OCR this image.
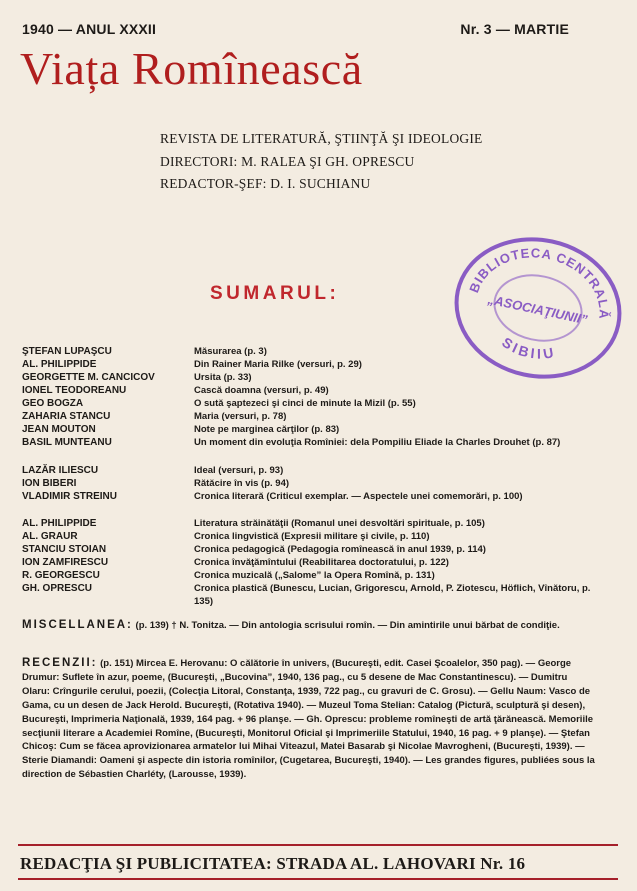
1940 — ANUL XXXII	Nr. 3 — MARTIE
Viața Romînească
REVISTA DE LITERATURĂ, ŞTIINŢĂ ŞI IDEOLOGIE
DIRECTORI: M. RALEA ŞI GH. OPRESCU
REDACTOR-ŞEF: D. I. SUCHIANU
BIBLIOTECA CENTRALĂ
„ASOCIAŢIUNII”
SIBIIU
SUMARUL:
ŞTEFAN LUPAŞCU	Măsurarea (p. 3)
AL. PHILIPPIDE	Din Rainer Maria Rilke (versuri, p. 29)
GEORGETTE M. CANCICOV	Ursita (p. 33)
IONEL TEODOREANU	Cască doamna (versuri, p. 49)
GEO BOGZA	O sută şaptezeci şi cinci de minute la Mizil (p. 55)
ZAHARIA STANCU	Maria (versuri, p. 78)
JEAN MOUTON	Note pe marginea cărţilor (p. 83)
BASIL MUNTEANU	Un moment din evoluţia Romîniei: dela Pompiliu Eliade la Charles Drouhet (p. 87)
LAZĂR ILIESCU	Ideal (versuri, p. 93)
ION BIBERI	Rătăcire în vis (p. 94)
VLADIMIR STREINU	Cronica literară (Criticul exemplar. — Aspectele unei comemorări, p. 100)
AL. PHILIPPIDE	Literatura străinătăţii (Romanul unei desvoltări spirituale, p. 105)
AL. GRAUR	Cronica lingvistică (Expresii militare şi civile, p. 110)
STANCIU STOIAN	Cronica pedagogică (Pedagogia romînească în anul 1939, p. 114)
ION ZAMFIRESCU	Cronica învăţămîntului (Reabilitarea doctoratului, p. 122)
R. GEORGESCU	Cronica muzicală („Salome” la Opera Romînă, p. 131)
GH. OPRESCU	Cronica plastică (Bunescu, Lucian, Grigorescu, Arnold, P. Ziotescu, Höflich, Vînătoru, p. 135)
MISCELLANEA: (p. 139) † N. Tonitza. — Din antologia scrisului romîn. — Din amintirile unui bărbat de condiţie.
RECENZII: (p. 151) Mircea E. Herovanu: O călătorie în univers, (Bucureşti, edit. Casei Şcoalelor, 350 pag). — George Drumur: Suflete în azur, poeme, (Bucureşti, „Bucovina”, 1940, 136 pag., cu 5 desene de Mac Constantinescu). — Dumitru Olaru: Crîngurile cerului, poezii, (Colecţia Litoral, Constanţa, 1939, 722 pag., cu gravuri de C. Grosu). — Gellu Naum: Vasco de Gama, cu un desen de Jack Herold. Bucureşti, (Rotativa 1940). — Muzeul Toma Stelian: Catalog (Pictură, sculptură şi desen), Bucureşti, Imprimeria Naţională, 1939, 164 pag. + 96 planşe. — Gh. Oprescu: probleme romîneşti de artă ţărănească. Memoriile secţiunii literare a Academiei Romîne, (Bucureşti, Monitorul Oficial şi Imprimeriile Statului, 1940, 16 pag. + 9 planşe). — Ştefan Chicoş: Cum se făcea aprovizionarea armatelor lui Mihai Viteazul, Matei Basarab şi Nicolae Mavrogheni, (Bucureşti, 1939). — Sterie Diamandi: Oameni şi aspecte din istoria romînilor, (Cugetarea, Bucureşti, 1940). — Les grandes figures, publiées sous la direction de Sébastien Charléty, (Larousse, 1939).
REDACŢIA ŞI PUBLICITATEA: STRADA AL. LAHOVARI Nr. 16
